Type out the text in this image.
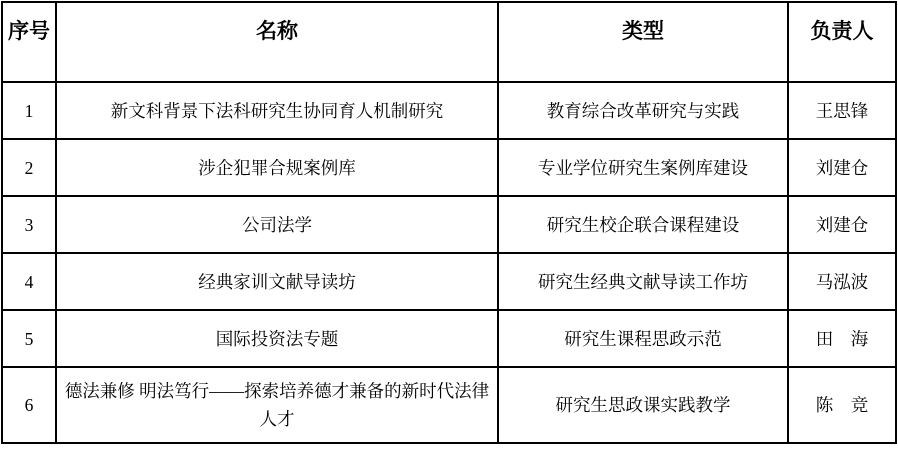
序号	名称	类型	负责人
1	新文科背景下法科研究生协同育人机制研究	教育综合改革研究与实践	王思锋
2	涉企犯罪合规案例库	专业学位研究生案例库建设	刘建仓
3	公司法学	研究生校企联合课程建设	刘建仓
4	经典家训文献导读坊	研究生经典文献导读工作坊	马泓波
5	国际投资法专题	研究生课程思政示范	田　海
6	德法兼修 明法笃行——探索培养德才兼备的新时代法律人才	研究生思政课实践教学	陈　竞
